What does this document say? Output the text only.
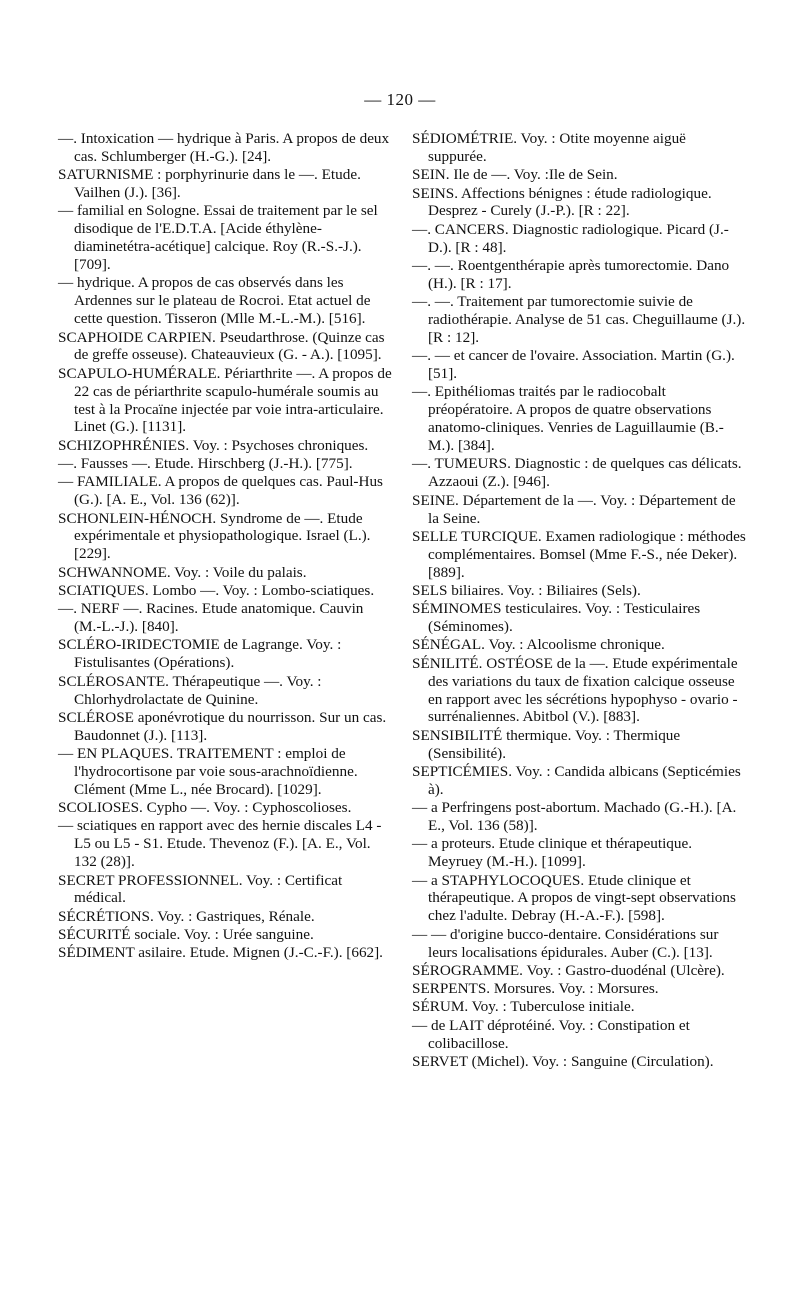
— 120 —

—. Intoxication — hydrique à Paris. A propos de deux cas. Schlumberger (H.-G.). [24].

SATURNISME : porphyrinurie dans le —. Etude. Vailhen (J.). [36].

— familial en Sologne. Essai de traitement par le sel disodique de l'E.D.T.A. [Acide éthylène-diaminetétra-acétique] calcique. Roy (R.-S.-J.). [709].

— hydrique. A propos de cas observés dans les Ardennes sur le plateau de Rocroi. Etat actuel de cette question. Tisseron (Mlle M.-L.-M.). [516].

SCAPHOIDE CARPIEN. Pseudarthrose. (Quinze cas de greffe osseuse). Chateauvieux (G. - A.). [1095].

SCAPULO-HUMÉRALE. Périarthrite —. A propos de 22 cas de périarthrite scapulo-humérale soumis au test à la Procaïne injectée par voie intra-articulaire. Linet (G.). [1131].

SCHIZOPHRÉNIES. Voy. : Psychoses chroniques.

—. Fausses —. Etude. Hirschberg (J.-H.). [775].

— FAMILIALE. A propos de quelques cas. Paul-Hus (G.). [A. E., Vol. 136 (62)].

SCHONLEIN-HÉNOCH. Syndrome de —. Etude expérimentale et physiopathologique. Israel (L.). [229].

SCHWANNOME. Voy. : Voile du palais.

SCIATIQUES. Lombo —. Voy. : Lombo-sciatiques.

—. NERF —. Racines. Etude anatomique. Cauvin (M.-L.-J.). [840].

SCLÉRO-IRIDECTOMIE de Lagrange. Voy. : Fistulisantes (Opérations).

SCLÉROSANTE. Thérapeutique —. Voy. : Chlorhydrolactate de Quinine.

SCLÉROSE aponévrotique du nourrisson. Sur un cas. Baudonnet (J.). [113].

— EN PLAQUES. TRAITEMENT : emploi de l'hydrocortisone par voie sous-arachnoïdienne. Clément (Mme L., née Brocard). [1029].

SCOLIOSES. Cypho —. Voy. : Cyphoscolioses.

— sciatiques en rapport avec des hernie discales L4 - L5 ou L5 - S1. Etude. Thevenoz (F.). [A. E., Vol. 132 (28)].

SECRET PROFESSIONNEL. Voy. : Certificat médical.

SÉCRÉTIONS. Voy. : Gastriques, Rénale.

SÉCURITÉ sociale. Voy. : Urée sanguine.

SÉDIMENT asilaire. Etude. Mignen (J.-C.-F.). [662].

SÉDIOMÉTRIE. Voy. : Otite moyenne aiguë suppurée.

SEIN. Ile de —. Voy. :Ile de Sein.

SEINS. Affections bénignes : étude radiologique. Desprez - Curely (J.-P.). [R : 22].

—. CANCERS. Diagnostic radiologique. Picard (J.-D.). [R : 48].

—. —. Roentgenthérapie après tumorectomie. Dano (H.). [R : 17].

—. —. Traitement par tumorectomie suivie de radiothérapie. Analyse de 51 cas. Cheguillaume (J.). [R : 12].

—. — et cancer de l'ovaire. Association. Martin (G.). [51].

—. Epithéliomas traités par le radiocobalt préopératoire. A propos de quatre observations anatomo-cliniques. Venries de Laguillaumie (B.-M.). [384].

—. TUMEURS. Diagnostic : de quelques cas délicats. Azzaoui (Z.). [946].

SEINE. Département de la —. Voy. : Département de la Seine.

SELLE TURCIQUE. Examen radiologique : méthodes complémentaires. Bomsel (Mme F.-S., née Deker). [889].

SELS biliaires. Voy. : Biliaires (Sels).

SÉMINOMES testiculaires. Voy. : Testiculaires (Séminomes).

SÉNÉGAL. Voy. : Alcoolisme chronique.

SÉNILITÉ. OSTÉOSE de la —. Etude expérimentale des variations du taux de fixation calcique osseuse en rapport avec les sécrétions hypophyso - ovario - surrénaliennes. Abitbol (V.). [883].

SENSIBILITÉ thermique. Voy. : Thermique (Sensibilité).

SEPTICÉMIES. Voy. : Candida albicans (Septicémies à).

— a Perfringens post-abortum. Machado (G.-H.). [A. E., Vol. 136 (58)].

— a proteurs. Etude clinique et thérapeutique. Meyruey (M.-H.). [1099].

— a STAPHYLOCOQUES. Etude clinique et thérapeutique. A propos de vingt-sept observations chez l'adulte. Debray (H.-A.-F.). [598].

— — d'origine bucco-dentaire. Considérations sur leurs localisations épidurales. Auber (C.). [13].

SÉROGRAMME. Voy. : Gastro-duodénal (Ulcère).

SERPENTS. Morsures. Voy. : Morsures.

SÉRUM. Voy. : Tuberculose initiale.

— de LAIT déprotéiné. Voy. : Constipation et colibacillose.

SERVET (Michel). Voy. : Sanguine (Circulation).
